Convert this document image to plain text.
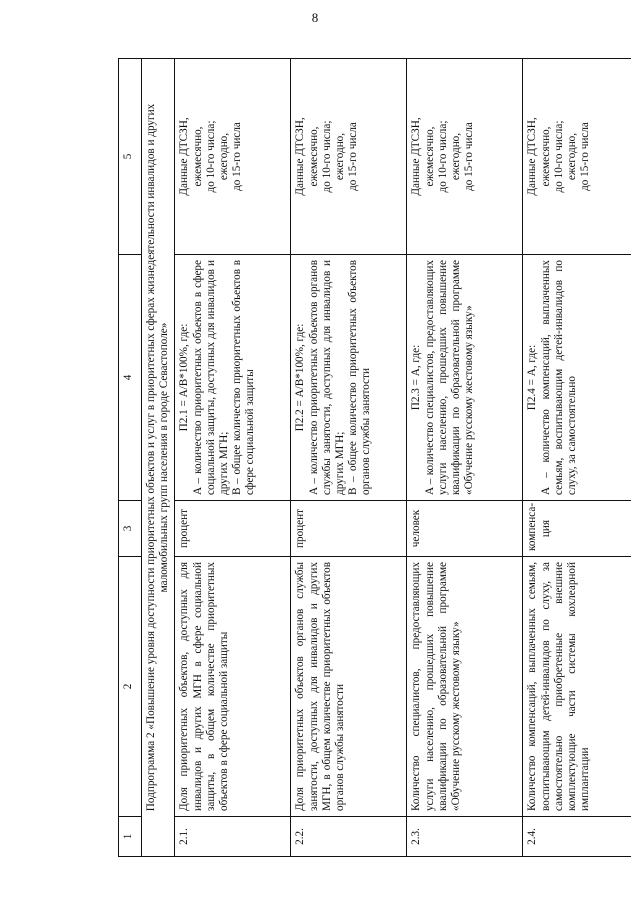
8
1	2	3	4	5
Подпрограмма 2 «Повышение уровня доступности приоритетных объектов и услуг в приоритетных сферах жизнедеятельности инвалидов и других маломобильных групп населения в городе Севастополе»				
2.1.	Доля приоритетных объектов, доступных для инвалидов и других МГН в сфере социальной защиты, в общем количестве приоритетных объектов в сфере социальной защиты	процент	П2.1 = A/B*100%, где: A – количество приоритетных объектов в сфере социальной защиты, доступных для инвалидов и других МГН; B – общее количество приоритетных объектов в сфере социальной защиты	Данные ДТСЗН, ежемесячно, до 10-го числа; ежегодно, до 15-го числа

2.2.	Доля приоритетных объектов органов службы занятости, доступных для инвалидов и других МГН, в общем количестве приоритетных объектов органов службы занятости	процент	П2.2 = A/B*100%, где: A – количество приоритетных объектов органов службы занятости, доступных для инвалидов и других МГН; B – общее количество приоритетных объектов органов службы занятости	Данные ДТСЗН, ежемесячно, до 10-го числа; ежегодно, до 15-го числа

2.3.	Количество специалистов, предоставляющих услуги населению, прошедших повышение квалификации по образовательной программе «Обучение русскому жестовому языку»	человек	П2.3 = A, где: A – количество специалистов, предоставляющих услуги населению, прошедших повышение квалификации по образовательной программе «Обучение русскому жестовому языку»	Данные ДТСЗН, ежемесячно, до 10-го числа; ежегодно, до 15-го числа

2.4.	Количество компенсаций, выплаченных семьям, воспитывающим детей-инвалидов по слуху, за самостоятельно приобретенные внешние комплектующие части системы кохлеарной имплантации	компенса-ция	П2.4 = A, где: A – количество компенсаций, выплаченных семьям, воспитывающим детей-инвалидов по слуху, за самостоятельно	Данные ДТСЗН, ежемесячно, до 10-го числа; ежегодно, до 15-го числа
